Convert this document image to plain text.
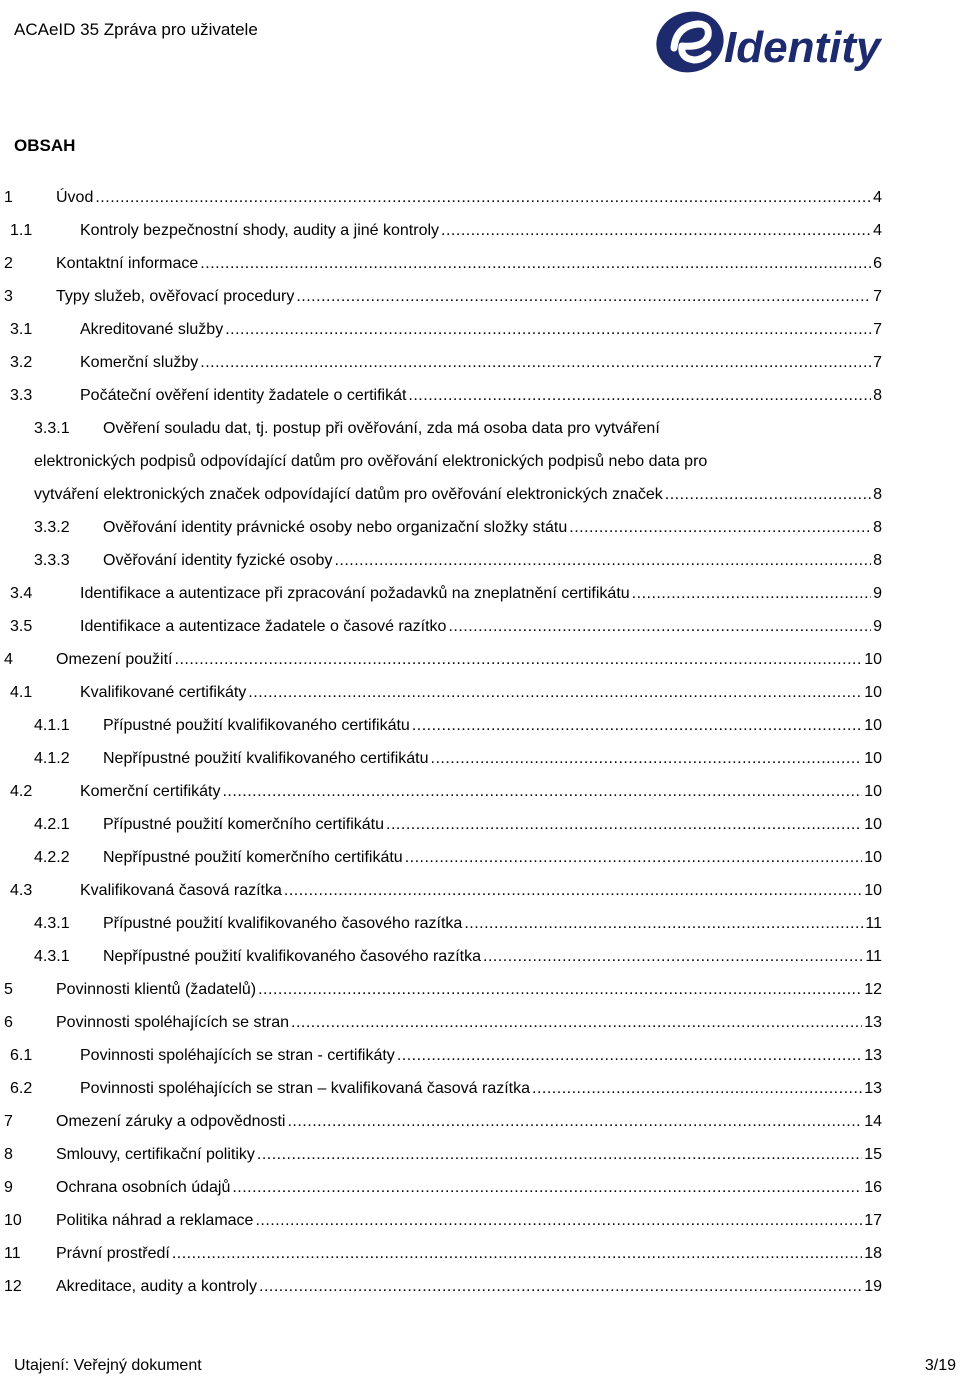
ACAeID 35 Zpráva pro uživatele	Identity
OBSAH
1	Úvod .....	4
1.1	Kontroly bezpečnostní shody, audity a jiné kontroly .....	4
2	Kontaktní informace .....	6
3	Typy služeb, ověřovací procedury .....	7
3.1	Akreditované služby .....	7
3.2	Komerční služby .....	7
3.3	Počáteční ověření identity žadatele o certifikát .....	8
3.3.1 Ověření souladu dat, tj. postup při ověřování, zda má osoba data pro vytváření
elektronických podpisů odpovídající datům pro ověřování elektronických podpisů nebo data pro
vytváření elektronických značek odpovídající datům pro ověřování elektronických značek .....	8
3.3.2 Ověřování identity právnické osoby nebo organizační složky státu .....	8
3.3.3 Ověřování identity fyzické osoby .....	8
3.4	Identifikace a autentizace při zpracování požadavků na zneplatnění certifikátu .....	9
3.5	Identifikace a autentizace žadatele o časové razítko .....	9
4	Omezení použití .....	10
4.1	Kvalifikované certifikáty .....	10
4.1.1 Přípustné použití kvalifikovaného certifikátu .....	10
4.1.2 Nepřípustné použití kvalifikovaného certifikátu .....	10
4.2	Komerční certifikáty .....	10
4.2.1 Přípustné použití komerčního certifikátu .....	10
4.2.2 Nepřípustné použití komerčního certifikátu .....	10
4.3	Kvalifikovaná časová razítka .....	10
4.3.1 Přípustné použití kvalifikovaného časového razítka .....	11
4.3.1 Nepřípustné použití kvalifikovaného časového razítka .....	11
5	Povinnosti klientů (žadatelů) .....	12
6	Povinnosti spoléhajících se stran .....	13
6.1	Povinnosti spoléhajících se stran - certifikáty .....	13
6.2	Povinnosti spoléhajících se stran – kvalifikovaná časová razítka .....	13
7	Omezení záruky a odpovědnosti .....	14
8	Smlouvy, certifikační politiky .....	15
9	Ochrana osobních údajů .....	16
10 Politika náhrad a reklamace .....	17
11 Právní prostředí .....	18
12 Akreditace, audity a kontroly .....	19
Utajení: Veřejný dokument	3/19
